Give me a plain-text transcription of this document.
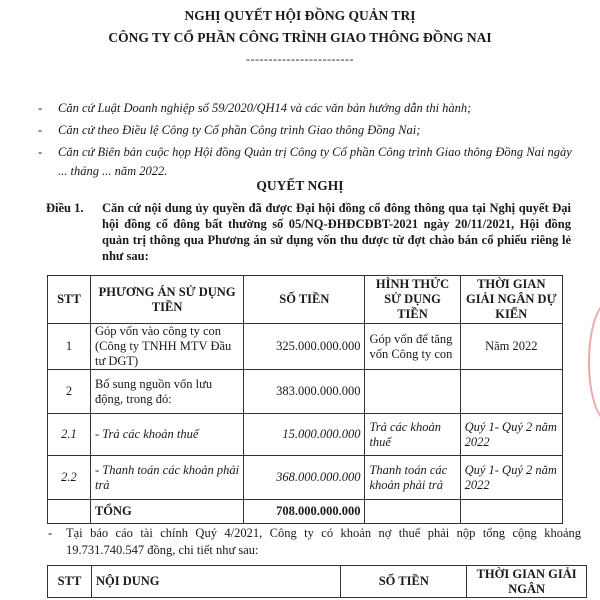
NGHỊ QUYẾT HỘI ĐỒNG QUẢN TRỊ
CÔNG TY CỔ PHẦN CÔNG TRÌNH GIAO THÔNG ĐỒNG NAI
------------------------
- Căn cứ Luật Doanh nghiệp số 59/2020/QH14 và các văn bản hướng dẫn thi hành;
- Căn cứ theo Điều lệ Công ty Cổ phần Công trình Giao thông Đồng Nai;
- Căn cứ Biên bản cuộc họp Hội đồng Quản trị Công ty Cổ phần Công trình Giao thông Đồng Nai ngày ... tháng ... năm 2022.
QUYẾT NGHỊ
Điều 1. Căn cứ nội dung ủy quyền đã được Đại hội đồng cổ đông thông qua tại Nghị quyết Đại hội đồng cổ đông bất thường số 05/NQ-ĐHĐCĐBT-2021 ngày 20/11/2021, Hội đồng quản trị thông qua Phương án sử dụng vốn thu được từ đợt chào bán cổ phiếu riêng lẻ như sau:
STT	PHƯƠNG ÁN SỬ DỤNG TIỀN	SỐ TIỀN	HÌNH THỨC SỬ DỤNG TIỀN	THỜI GIAN GIẢI NGÂN DỰ KIẾN
1	Góp vốn vào công ty con (Công ty TNHH MTV Đầu tư DGT)	325.000.000.000	Góp vốn để tăng vốn Công ty con	Năm 2022
2	Bổ sung nguồn vốn lưu động, trong đó:	383.000.000.000		
2.1	- Trả các khoản thuế	15.000.000.000	Trả các khoản thuế	Quý 1- Quý 2 năm 2022
2.2	- Thanh toán các khoản phải trả	368.000.000.000	Thanh toán các khoản phải trả	Quý 1- Quý 2 năm 2022
	TỔNG	708.000.000.000		
- Tại báo cáo tài chính Quý 4/2021, Công ty có khoản nợ thuế phải nộp tổng cộng khoảng 19.731.740.547 đồng, chi tiết như sau:
STT	NỘI DUNG	SỐ TIỀN	THỜI GIAN GIẢI NGÂN
